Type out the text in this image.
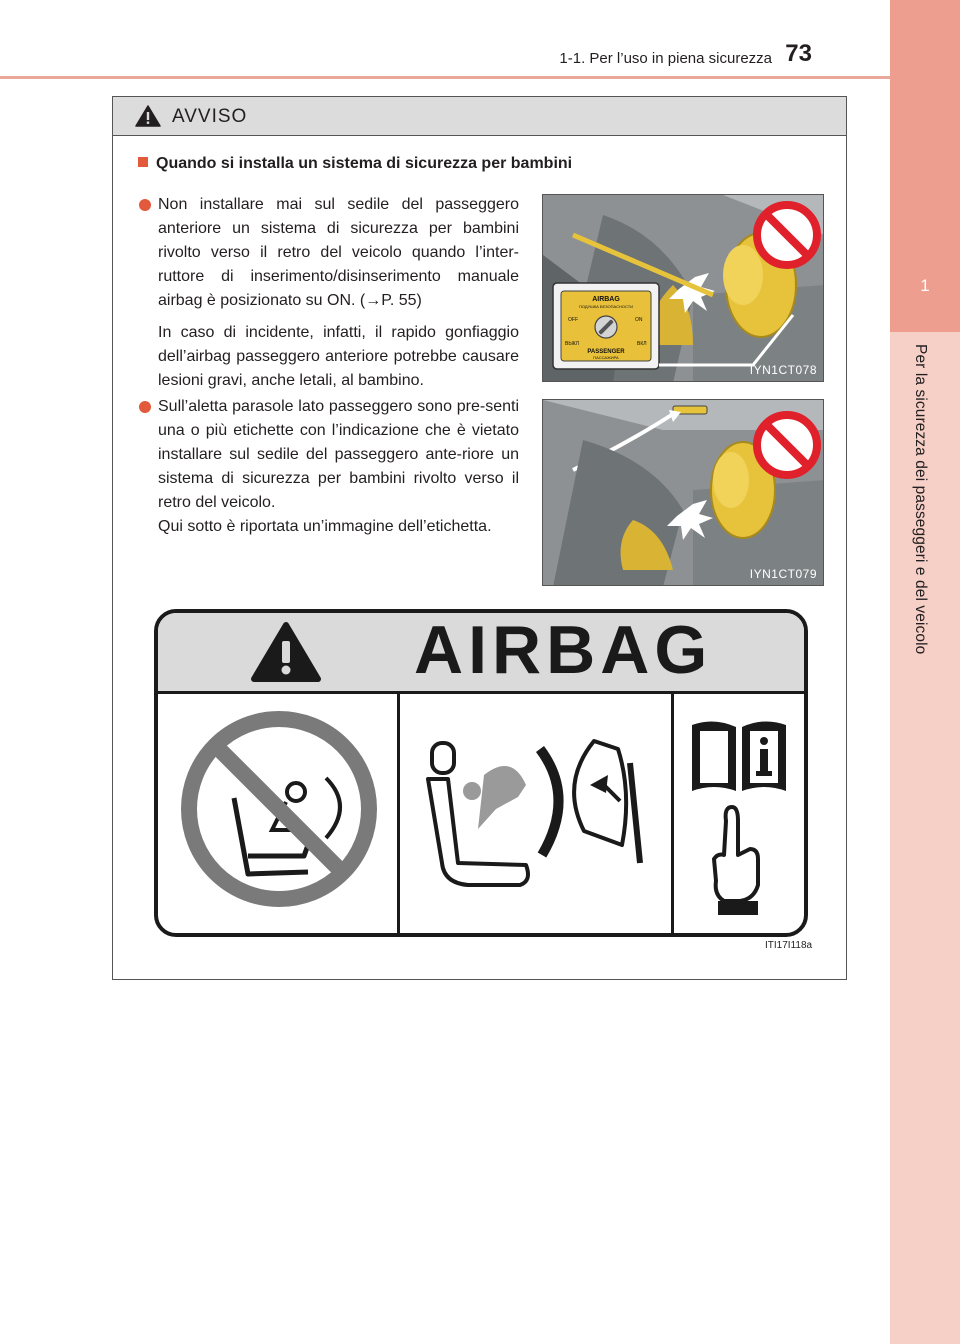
1-1. Per l’uso in piena sicurezza 73
1
Per la sicurezza dei passeggeri e del veicolo
AVVISO
Quando si installa un sistema di sicurezza per bambini
Non installare mai sul sedile del passeggero anteriore un sistema di sicurezza per bambini rivolto verso il retro del veicolo quando l’inter-ruttore di inserimento/disinserimento manuale airbag è posizionato su ON. (→P. 55)
In caso di incidente, infatti, il rapido gonfiaggio dell’airbag passeggero anteriore potrebbe causare lesioni gravi, anche letali, al bambino.
AIRBAG
ПОДУШКА БЕЗОПАСНОСТИ
OFF	ON
ВЫКЛ	ВКЛ
PASSENGER
ПАССАЖИРА
IYN1CT078
Sull’aletta parasole lato passeggero sono pre-senti una o più etichette con l’indicazione che è vietato installare sul sedile del passeggero ante-riore un sistema di sicurezza per bambini rivolto verso il retro del veicolo.
Qui sotto è riportata un’immagine dell’etichetta.
IYN1CT079
AIRBAG
ITI17I118a
